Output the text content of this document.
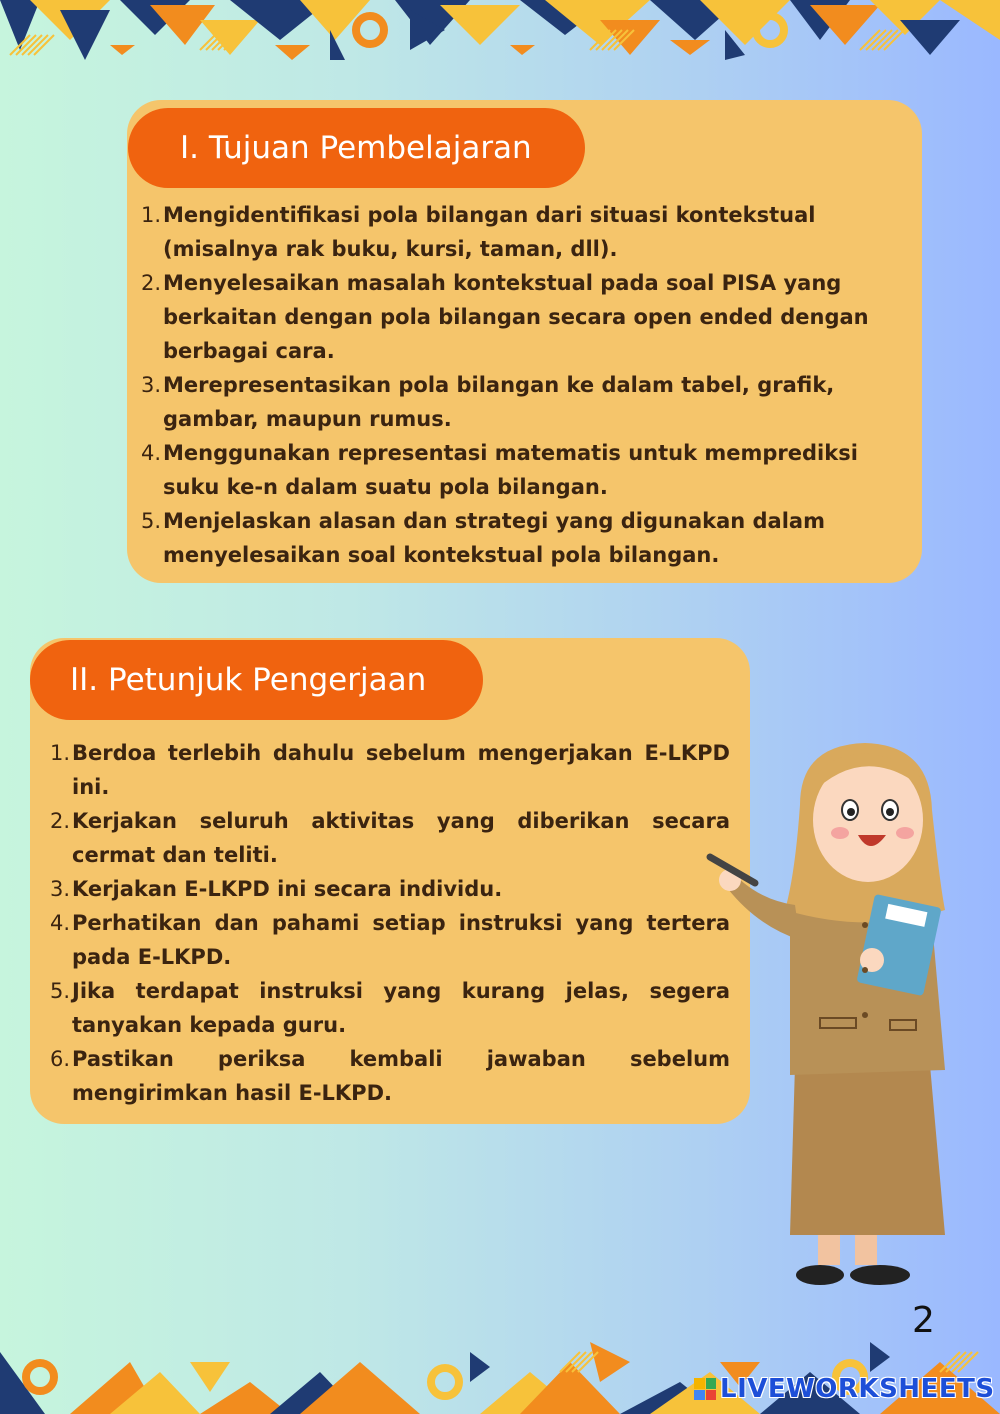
I. Tujuan Pembelajaran
1. Mengidentifikasi pola bilangan dari situasi kontekstual (misalnya rak buku, kursi, taman, dll).
2. Menyelesaikan masalah kontekstual pada soal PISA yang berkaitan dengan pola bilangan secara open ended dengan berbagai cara.
3. Merepresentasikan pola bilangan ke dalam tabel, grafik, gambar, maupun rumus.
4. Menggunakan representasi matematis untuk memprediksi suku ke-n dalam suatu pola bilangan.
5. Menjelaskan alasan dan strategi yang digunakan dalam menyelesaikan soal kontekstual pola bilangan.
II. Petunjuk Pengerjaan
1. Berdoa terlebih dahulu sebelum mengerjakan E-LKPD ini.
2. Kerjakan seluruh aktivitas yang diberikan secara cermat dan teliti.
3. Kerjakan E-LKPD ini secara individu.
4. Perhatikan dan pahami setiap instruksi yang tertera pada E-LKPD.
5. Jika terdapat instruksi yang kurang jelas, segera tanyakan kepada guru.
6. Pastikan periksa kembali jawaban sebelum mengirimkan hasil E-LKPD.
2
LIVEWORKSHEETS
